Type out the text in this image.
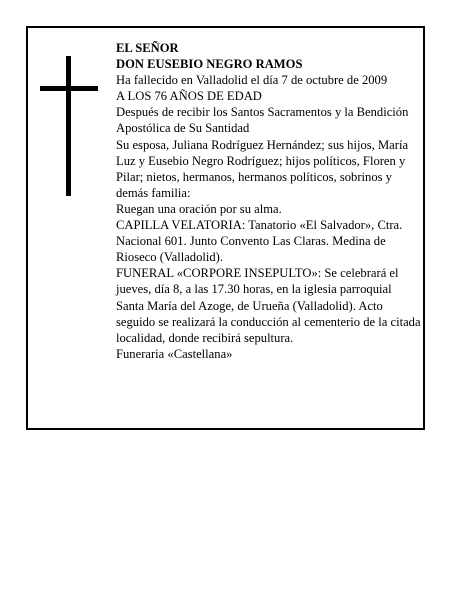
EL SEÑOR

DON EUSEBIO NEGRO RAMOS

Ha fallecido en Valladolid el día 7 de octubre de 2009

A LOS 76 AÑOS DE EDAD

Después de recibir los Santos Sacramentos y la Bendición Apostólica de Su Santidad

Su esposa, Juliana Rodríguez Hernández; sus hijos, María Luz y Eusebio Negro Rodríguez; hijos políticos, Floren y Pilar; nietos, hermanos, hermanos políticos, sobrinos y demás familia:

Ruegan una oración por su alma.

CAPILLA VELATORIA: Tanatorio «El Salvador», Ctra. Nacional 601. Junto Convento Las Claras. Medina de Rioseco (Valladolid).

FUNERAL «CORPORE INSEPULTO»: Se celebrará el jueves, día 8, a las 17.30 horas, en la iglesia parroquial Santa María del Azoge, de Urueña (Valladolid). Acto seguido se realizará la conducción al cementerio de la citada localidad, donde recibirá sepultura.

Funeraria «Castellana»
